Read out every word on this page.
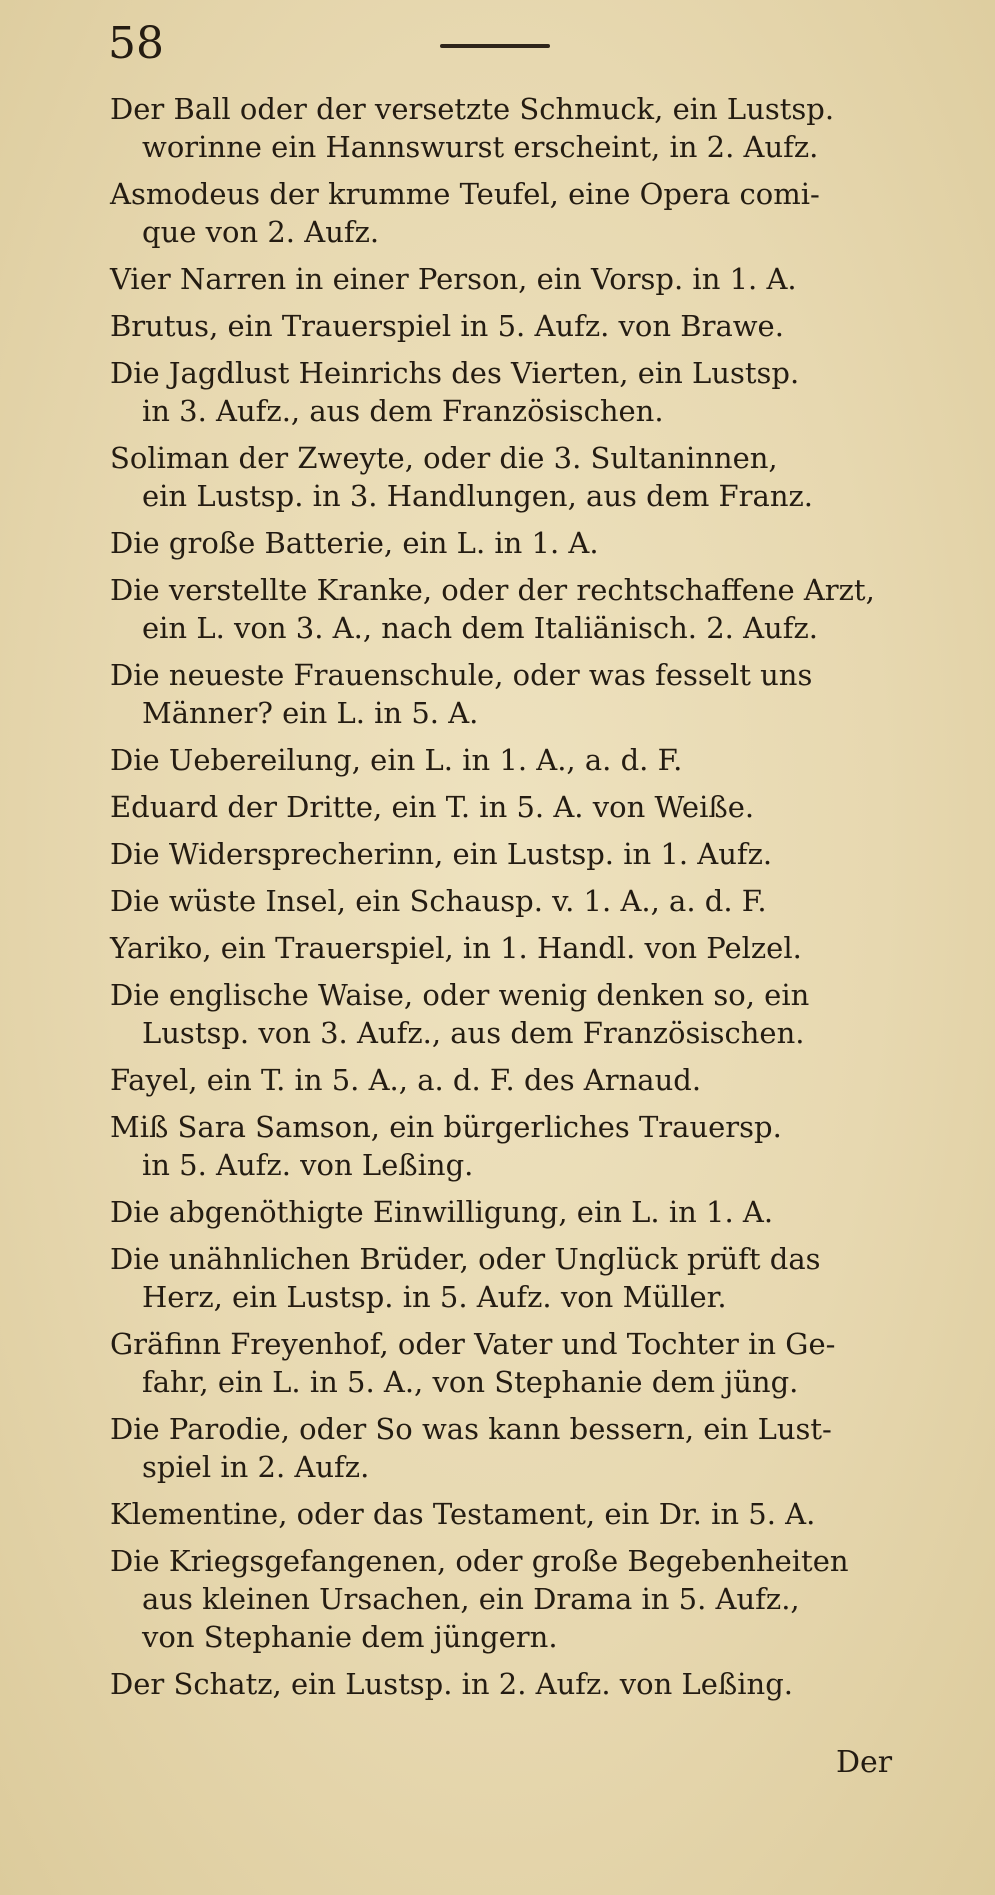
58

Der Ball oder der versetzte Schmuck, ein Lustsp.
worinne ein Hannswurst erscheint, in 2. Aufz.
Asmodeus der krumme Teufel, eine Opera comi-
que von 2. Aufz.
Vier Narren in einer Person, ein Vorsp. in 1. A.
Brutus, ein Trauerspiel in 5. Aufz. von Brawe.
Die Jagdlust Heinrichs des Vierten, ein Lustsp.
in 3. Aufz., aus dem Französischen.
Soliman der Zweyte, oder die 3. Sultaninnen,
ein Lustsp. in 3. Handlungen, aus dem Franz.
Die große Batterie, ein L. in 1. A.
Die verstellte Kranke, oder der rechtschaffene Arzt,
ein L. von 3. A., nach dem Italiänisch. 2. Aufz.
Die neueste Frauenschule, oder was fesselt uns
Männer? ein L. in 5. A.
Die Uebereilung, ein L. in 1. A., a. d. F.
Eduard der Dritte, ein T. in 5. A. von Weiße.
Die Widersprecherinn, ein Lustsp. in 1. Aufz.
Die wüste Insel, ein Schausp. v. 1. A., a. d. F.
Yariko, ein Trauerspiel, in 1. Handl. von Pelzel.
Die englische Waise, oder wenig denken so, ein
Lustsp. von 3. Aufz., aus dem Französischen.
Fayel, ein T. in 5. A., a. d. F. des Arnaud.
Miß Sara Samson, ein bürgerliches Trauersp.
in 5. Aufz. von Leßing.
Die abgenöthigte Einwilligung, ein L. in 1. A.
Die unähnlichen Brüder, oder Unglück prüft das
Herz, ein Lustsp. in 5. Aufz. von Müller.
Gräfinn Freyenhof, oder Vater und Tochter in Ge-
fahr, ein L. in 5. A., von Stephanie dem jüng.
Die Parodie, oder So was kann bessern, ein Lust-
spiel in 2. Aufz.
Klementine, oder das Testament, ein Dr. in 5. A.
Die Kriegsgefangenen, oder große Begebenheiten
aus kleinen Ursachen, ein Drama in 5. Aufz.,
von Stephanie dem jüngern.
Der Schatz, ein Lustsp. in 2. Aufz. von Leßing.

Der
